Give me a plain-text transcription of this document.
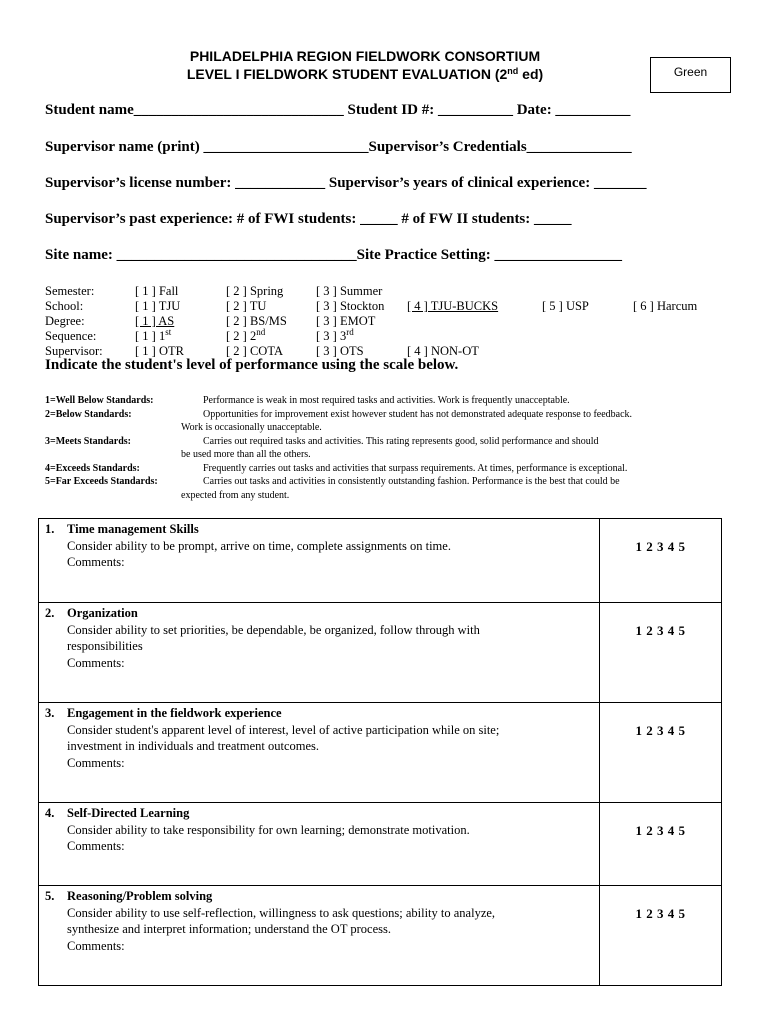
PHILADELPHIA REGION FIELDWORK CONSORTIUM
LEVEL I FIELDWORK STUDENT EVALUATION (2nd ed)	Green
Student name____________________________ Student ID #: __________ Date: __________
Supervisor name (print) ______________________Supervisor’s Credentials______________
Supervisor’s license number: ____________ Supervisor’s years of clinical experience: _______
Supervisor’s past experience: # of FWI students: _____ # of FW II students: _____
Site name: ________________________________Site Practice Setting: _________________
Semester:	[ 1 ] Fall	[ 2 ] Spring	[ 3 ] Summer
School:	[ 1 ] TJU	[ 2 ] TU	[ 3 ] Stockton [ 4 ] TJU-BUCKS	[ 5 ] USP	[ 6 ] Harcum
Degree:	[ 1 ] AS	[ 2 ] BS/MS [ 3 ] EMOT
Sequence:	[ 1 ] 1st	[ 2 ] 2nd	[ 3 ] 3rd
Supervisor:	[ 1 ] OTR	[ 2 ] COTA	[ 3 ] OTS	[ 4 ] NON-OT
Indicate the student's level of performance using the scale below.
1=Well Below Standards:	Performance is weak in most required tasks and activities. Work is frequently unacceptable.
2=Below Standards:	Opportunities for improvement exist however student has not demonstrated adequate response to feedback.
Work is occasionally unacceptable.
3=Meets Standards:	Carries out required tasks and activities. This rating represents good, solid performance and should
be used more than all the others.
4=Exceeds Standards:	Frequently carries out tasks and activities that surpass requirements. At times, performance is exceptional.
5=Far Exceeds Standards:	Carries out tasks and activities in consistently outstanding fashion. Performance is the best that could be
expected from any student.
1. Time management Skills
Consider ability to be prompt, arrive on time, complete assignments on time.
Comments:	1 2 3 4 5

2. Organization
Consider ability to set priorities, be dependable, be organized, follow through with
responsibilities
Comments:	1 2 3 4 5

3. Engagement in the fieldwork experience
Consider student's apparent level of interest, level of active participation while on site;
investment in individuals and treatment outcomes.
Comments:	1 2 3 4 5

4. Self-Directed Learning
Consider ability to take responsibility for own learning; demonstrate motivation.
Comments:	1 2 3 4 5

5. Reasoning/Problem solving
Consider ability to use self-reflection, willingness to ask questions; ability to analyze,
synthesize and interpret information; understand the OT process.
Comments:	1 2 3 4 5
